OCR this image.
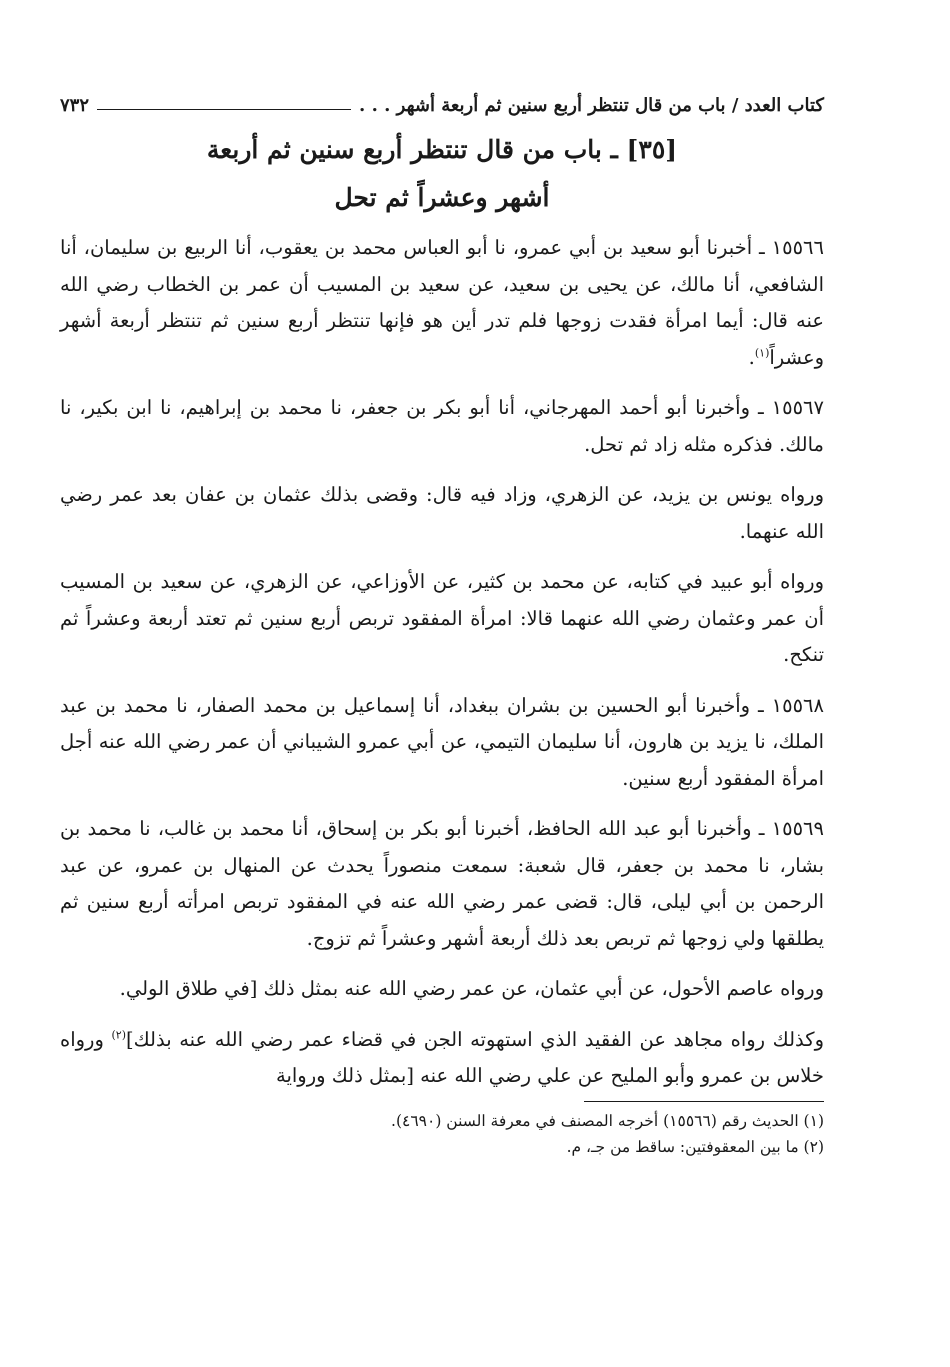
كتاب العدد / باب من قال تنتظر أربع سنين ثم أربعة أشهر . . .
٧٣٢
[٣٥] ـ باب من قال تنتظر أربع سنين ثم أربعة
أشهر وعشراً ثم تحل

١٥٥٦٦ ـ أخبرنا أبو سعيد بن أبي عمرو، نا أبو العباس محمد بن يعقوب، أنا الربيع بن سليمان، أنا الشافعي، أنا مالك، عن يحيى بن سعيد، عن سعيد بن المسيب أن عمر بن الخطاب رضي الله عنه قال: أيما امرأة فقدت زوجها فلم تدر أين هو فإنها تنتظر أربع سنين ثم تنتظر أربعة أشهر وعشراً$^{(١)}$.

١٥٥٦٧ ـ وأخبرنا أبو أحمد المهرجاني، أنا أبو بكر بن جعفر، نا محمد بن إبراهيم، نا ابن بكير، نا مالك. فذكره مثله زاد ثم تحل.

ورواه يونس بن يزيد، عن الزهري، وزاد فيه قال: وقضى بذلك عثمان بن عفان بعد عمر رضي الله عنهما.

ورواه أبو عبيد في كتابه، عن محمد بن كثير، عن الأوزاعي، عن الزهري، عن سعيد بن المسيب أن عمر وعثمان رضي الله عنهما قالا: امرأة المفقود تربص أربع سنين ثم تعتد أربعة وعشراً ثم تنكح.

١٥٥٦٨ ـ وأخبرنا أبو الحسين بن بشران ببغداد، أنا إسماعيل بن محمد الصفار، نا محمد بن عبد الملك، نا يزيد بن هارون، أنا سليمان التيمي، عن أبي عمرو الشيباني أن عمر رضي الله عنه أجل امرأة المفقود أربع سنين.

١٥٥٦٩ ـ وأخبرنا أبو عبد الله الحافظ، أخبرنا أبو بكر بن إسحاق، أنا محمد بن غالب، نا محمد بن بشار، نا محمد بن جعفر، قال شعبة: سمعت منصوراً يحدث عن المنهال بن عمرو، عن عبد الرحمن بن أبي ليلى، قال: قضى عمر رضي الله عنه في المفقود تربص امرأته أربع سنين ثم يطلقها ولي زوجها ثم تربص بعد ذلك أربعة أشهر وعشراً ثم تزوج.

ورواه عاصم الأحول، عن أبي عثمان، عن عمر رضي الله عنه بمثل ذلك [في طلاق الولي.

وكذلك رواه مجاهد عن الفقيد الذي استهوته الجن في قضاء عمر رضي الله عنه بذلك]$^{(٢)}$ ورواه خلاس بن عمرو وأبو المليح عن علي رضي الله عنه [بمثل ذلك ورواية

(١) الحديث رقم (١٥٥٦٦) أخرجه المصنف في معرفة السنن (٤٦٩٠).
(٢) ما بين المعقوفتين: ساقط من جـ، م.
